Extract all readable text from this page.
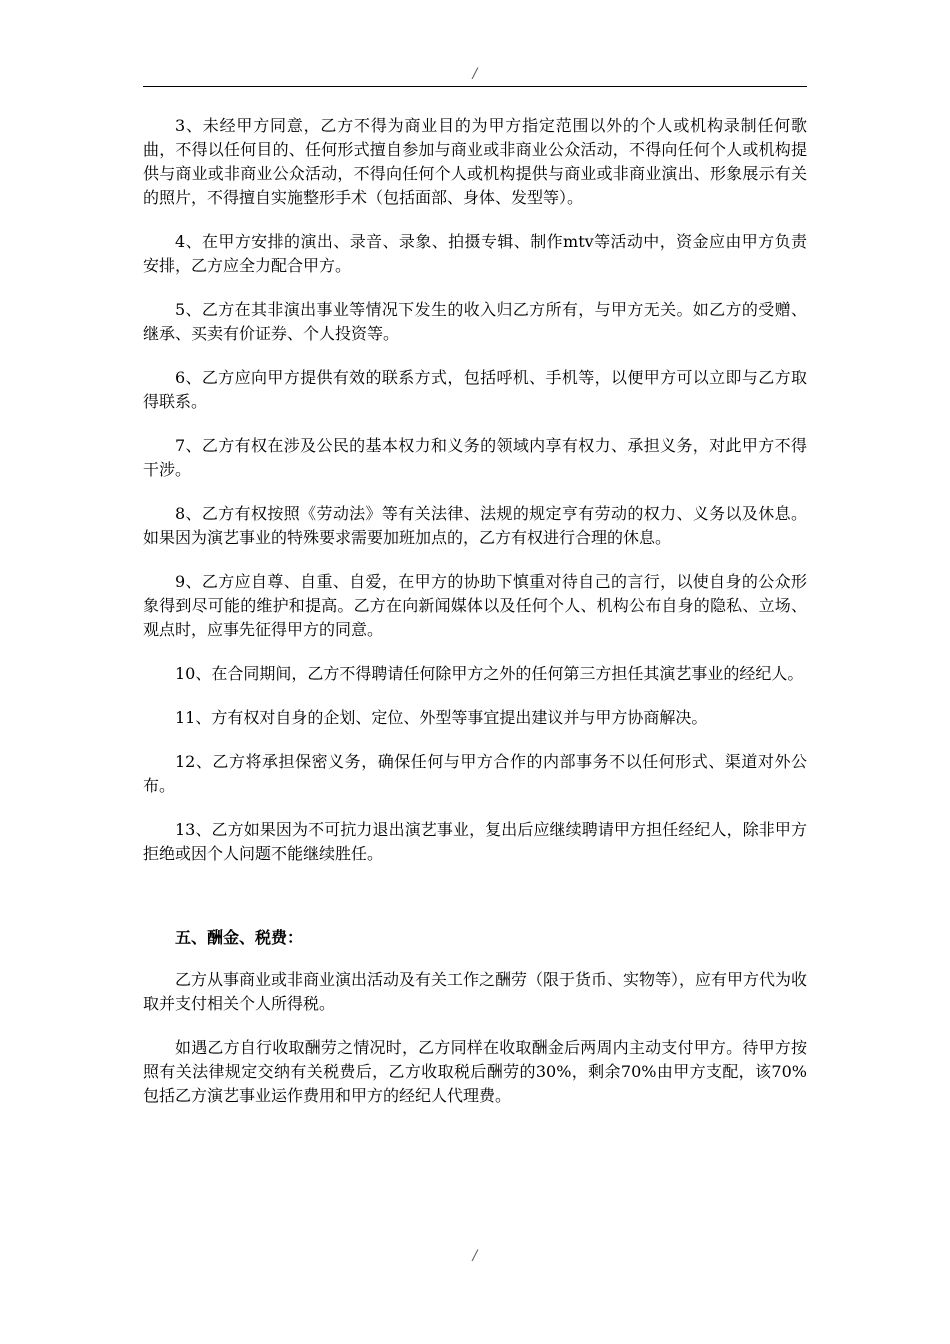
/

3、未经甲方同意，乙方不得为商业目的为甲方指定范围以外的个人或机构录制任何歌曲，不得以任何目的、任何形式擅自参加与商业或非商业公众活动，不得向任何个人或机构提供与商业或非商业公众活动，不得向任何个人或机构提供与商业或非商业演出、形象展示有关的照片，不得擅自实施整形手术（包括面部、身体、发型等）。

4、在甲方安排的演出、录音、录象、拍摄专辑、制作mtv等活动中，资金应由甲方负责安排，乙方应全力配合甲方。

5、乙方在其非演出事业等情况下发生的收入归乙方所有，与甲方无关。如乙方的受赠、继承、买卖有价证券、个人投资等。

6、乙方应向甲方提供有效的联系方式，包括呼机、手机等，以便甲方可以立即与乙方取得联系。

7、乙方有权在涉及公民的基本权力和义务的领域内享有权力、承担义务，对此甲方不得干涉。

8、乙方有权按照《劳动法》等有关法律、法规的规定亨有劳动的权力、义务以及休息。如果因为演艺事业的特殊要求需要加班加点的，乙方有权进行合理的休息。

9、乙方应自尊、自重、自爱，在甲方的协助下慎重对待自己的言行，以使自身的公众形象得到尽可能的维护和提高。乙方在向新闻媒体以及任何个人、机构公布自身的隐私、立场、观点时，应事先征得甲方的同意。

10、在合同期间，乙方不得聘请任何除甲方之外的任何第三方担任其演艺事业的经纪人。

11、方有权对自身的企划、定位、外型等事宜提出建议并与甲方协商解决。

12、乙方将承担保密义务，确保任何与甲方合作的内部事务不以任何形式、渠道对外公布。

13、乙方如果因为不可抗力退出演艺事业，复出后应继续聘请甲方担任经纪人，除非甲方拒绝或因个人问题不能继续胜任。

五、酬金、税费：

乙方从事商业或非商业演出活动及有关工作之酬劳（限于货币、实物等），应有甲方代为收取并支付相关个人所得税。

如遇乙方自行收取酬劳之情况时，乙方同样在收取酬金后两周内主动支付甲方。待甲方按照有关法律规定交纳有关税费后，乙方收取税后酬劳的30%，剩余70%由甲方支配，该70%包括乙方演艺事业运作费用和甲方的经纪人代理费。

/
